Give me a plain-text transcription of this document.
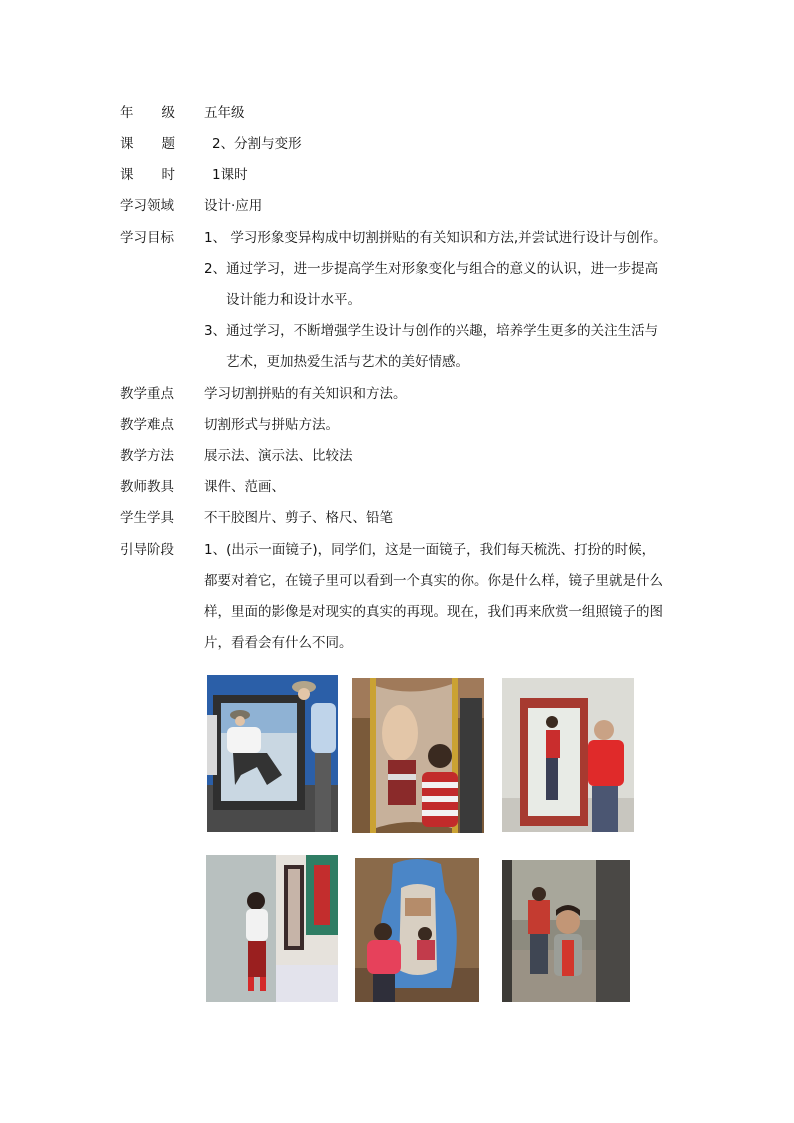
年 级	五年级
课 题	2、分割与变形
课 时	1课时
学习领域	设计·应用
学习目标	1、 学习形象变异构成中切割拼贴的有关知识和方法,并尝试进行设计与创作。
2、通过学习，进一步提高学生对形象变化与组合的意义的认识，进一步提高
设计能力和设计水平。
3、通过学习，不断增强学生设计与创作的兴趣，培养学生更多的关注生活与
艺术，更加热爱生活与艺术的美好情感。
教学重点	学习切割拼贴的有关知识和方法。
教学难点	切割形式与拼贴方法。
教学方法	展示法、演示法、比较法
教师教具	课件、范画、
学生学具	不干胶图片、剪子、格尺、铅笔
引导阶段	1、(出示一面镜子)，同学们，这是一面镜子，我们每天梳洗、打扮的时候，
都要对着它，在镜子里可以看到一个真实的你。你是什么样，镜子里就是什么
样，里面的影像是对现实的真实的再现。现在，我们再来欣赏一组照镜子的图
片，看看会有什么不同。
